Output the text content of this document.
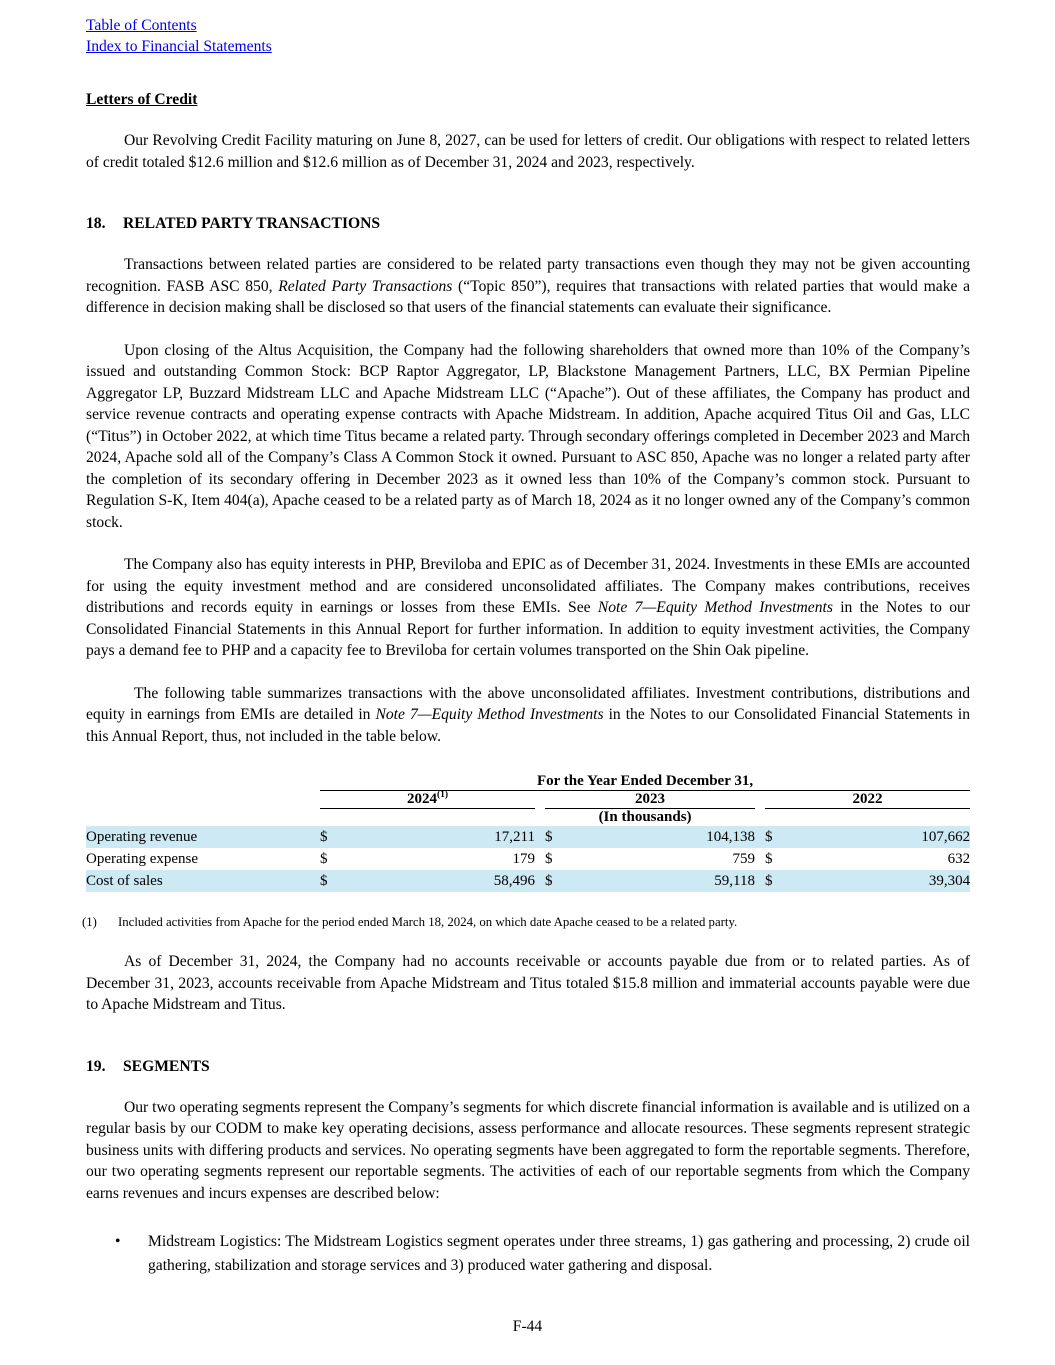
Table of Contents
Index to Financial Statements
Letters of Credit

Our Revolving Credit Facility maturing on June 8, 2027, can be used for letters of credit. Our obligations with respect to related letters of credit totaled $12.6 million and $12.6 million as of December 31, 2024 and 2023, respectively.

18.	RELATED PARTY TRANSACTIONS

Transactions between related parties are considered to be related party transactions even though they may not be given accounting recognition. FASB ASC 850, Related Party Transactions (“Topic 850”), requires that transactions with related parties that would make a difference in decision making shall be disclosed so that users of the financial statements can evaluate their significance.

Upon closing of the Altus Acquisition, the Company had the following shareholders that owned more than 10% of the Company’s issued and outstanding Common Stock: BCP Raptor Aggregator, LP, Blackstone Management Partners, LLC, BX Permian Pipeline Aggregator LP, Buzzard Midstream LLC and Apache Midstream LLC (“Apache”). Out of these affiliates, the Company has product and service revenue contracts and operating expense contracts with Apache Midstream. In addition, Apache acquired Titus Oil and Gas, LLC (“Titus”) in October 2022, at which time Titus became a related party. Through secondary offerings completed in December 2023 and March 2024, Apache sold all of the Company’s Class A Common Stock it owned. Pursuant to ASC 850, Apache was no longer a related party after the completion of its secondary offering in December 2023 as it owned less than 10% of the Company’s common stock. Pursuant to Regulation S-K, Item 404(a), Apache ceased to be a related party as of March 18, 2024 as it no longer owned any of the Company’s common stock.

The Company also has equity interests in PHP, Breviloba and EPIC as of December 31, 2024. Investments in these EMIs are accounted for using the equity investment method and are considered unconsolidated affiliates. The Company makes contributions, receives distributions and records equity in earnings or losses from these EMIs. See Note 7—Equity Method Investments in the Notes to our Consolidated Financial Statements in this Annual Report for further information. In addition to equity investment activities, the Company pays a demand fee to PHP and a capacity fee to Breviloba for certain volumes transported on the Shin Oak pipeline.

The following table summarizes transactions with the above unconsolidated affiliates. Investment contributions, distributions and equity in earnings from EMIs are detailed in Note 7—Equity Method Investments in the Notes to our Consolidated Financial Statements in this Annual Report, thus, not included in the table below.

	For the Year Ended December 31,							
	2024$^{(1)}$			2023			2022	
	(In thousands)							
Operating revenue	$	17,211		$	104,138		$	107,662
Operating expense	$	179		$	759		$	632
Cost of sales	$	58,496		$	59,118		$	39,304
(1)	Included activities from Apache for the period ended March 18, 2024, on which date Apache ceased to be a related party.

As of December 31, 2024, the Company had no accounts receivable or accounts payable due from or to related parties. As of December 31, 2023, accounts receivable from Apache Midstream and Titus totaled $15.8 million and immaterial accounts payable were due to Apache Midstream and Titus.

19.	SEGMENTS

Our two operating segments represent the Company’s segments for which discrete financial information is available and is utilized on a regular basis by our CODM to make key operating decisions, assess performance and allocate resources. These segments represent strategic business units with differing products and services. No operating segments have been aggregated to form the reportable segments. Therefore, our two operating segments represent our reportable segments. The activities of each of our reportable segments from which the Company earns revenues and incurs expenses are described below:

•	Midstream Logistics: The Midstream Logistics segment operates under three streams, 1) gas gathering and processing, 2) crude oil gathering, stabilization and storage services and 3) produced water gathering and disposal.
F-44
